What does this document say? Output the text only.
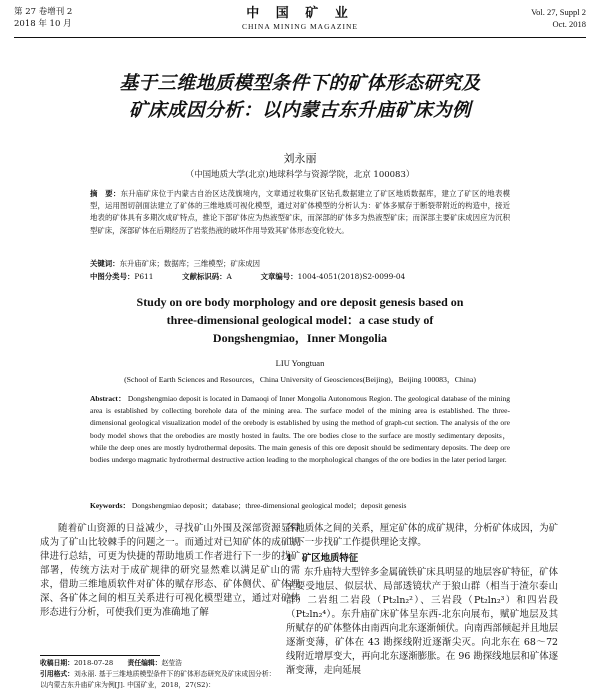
第 27 卷增刊 2
2018 年 10 月
中 国 矿 业
CHINA MINING MAGAZINE
Vol. 27, Suppl 2
Oct. 2018
基于三维地质模型条件下的矿体形态研究及
矿床成因分析：以内蒙古东升庙矿床为例
刘永丽
（中国地质大学(北京)地球科学与资源学院，北京 100083）
摘　要：东升庙矿床位于内蒙古自治区达茂旗境内，文章通过收集矿区钻孔数据建立了矿区地质数据库，建立了矿区的地表模型，运用图切剖面法建立了矿体的三维地质可视化模型，通过对矿体模型的分析认为：矿体多赋存于断裂带附近的构造中，接近地表的矿体具有多期次成矿特点，推论下部矿体应为热液型矿床，而深部的矿体多为热液型矿床；而深部主要矿床成因应为沉积型矿床，深部矿体在后期经历了岩浆热液的破坏作用导致其矿体形态变化较大。
关键词：东升庙矿床；数据库；三维模型；矿床成因
中图分类号：P611	文献标识码：A	文章编号：1004-4051(2018)S2-0099-04
Study on ore body morphology and ore deposit genesis based on
three-dimensional geological model：a case study of
Dongshengmiao，Inner Mongolia
LIU Yongtuan
(School of Earth Sciences and Resources，China University of Geosciences(Beijing)，Beijing 100083，China)
Abstract： Dongshengmiao deposit is located in Damaoqi of Inner Mongolia Autonomous Region. The geological database of the mining area is established by collecting borehole data of the mining area. The surface model of the mining area is established. The three-dimensional geological visualization model of the orebody is established by using the method of graph-cut section. The analysis of the ore body model shows that the orebodies are mostly hosted in faults. The ore bodies close to the surface are mostly sedimentary deposits，while the deep ones are mostly hydrothermal deposits. The main genesis of this ore deposit should be sedimentary deposits. The deep ore bodies undergo magmatic hydrothermal destructive action leading to the morphological changes of the ore bodies in the later period larger.
Keywords： Dongshengmiao deposit；database；three-dimensional geological model；deposit genesis

随着矿山资源的日益减少，寻找矿山外围及深部资源显得成为了矿山比较棘手的问题之一。而通过对已知矿体的成矿规律进行总结，可更为快捷的帮助地质工作者进行下一步的找矿部署，传统方法对于成矿规律的研究显然难以满足矿山的需求，借助三维地质软件对矿体的赋存形态、矿体侧伏、矿体埋深、各矿体之间的相互关系进行可视化模型建立，通过对矿体形态进行分析，可使我们更为准确地了解

各地质体之间的关系，厘定矿体的成矿规律，分析矿体成因，为矿山下一步找矿工作提供理论支撑。

1　矿区地质特征

东升庙特大型锌多金属硫铁矿床具明显的地层容矿特征，矿体主要受地层、似层状、局部透镜状产于狼山群（相当于渣尔泰山群）二岩组二岩段（Pt₂ln₂²）、三岩段（Pt₂ln₂³）和四岩段（Pt₂ln₂⁴）。东升庙矿床矿体呈东西-北东向展布，赋矿地层及其所赋存的矿体整体由南西向北东逐渐倾伏。向南西部倾起并且地层逐渐变薄，矿体在 43 勘探线附近逐渐尖灭。向北东在 68～72 线附近增厚变大，再向北东逐渐膨胀。在 96 勘探线地层和矿体逐渐变薄，走向延展

收稿日期：2018-07-28 责任编辑：赵莹浩
引用格式：刘永丽. 基于三维地质模型条件下的矿体形态研究及矿床成因分析：以内蒙古东升庙矿床为例[J]. 中国矿业，2018，27(S2)：
